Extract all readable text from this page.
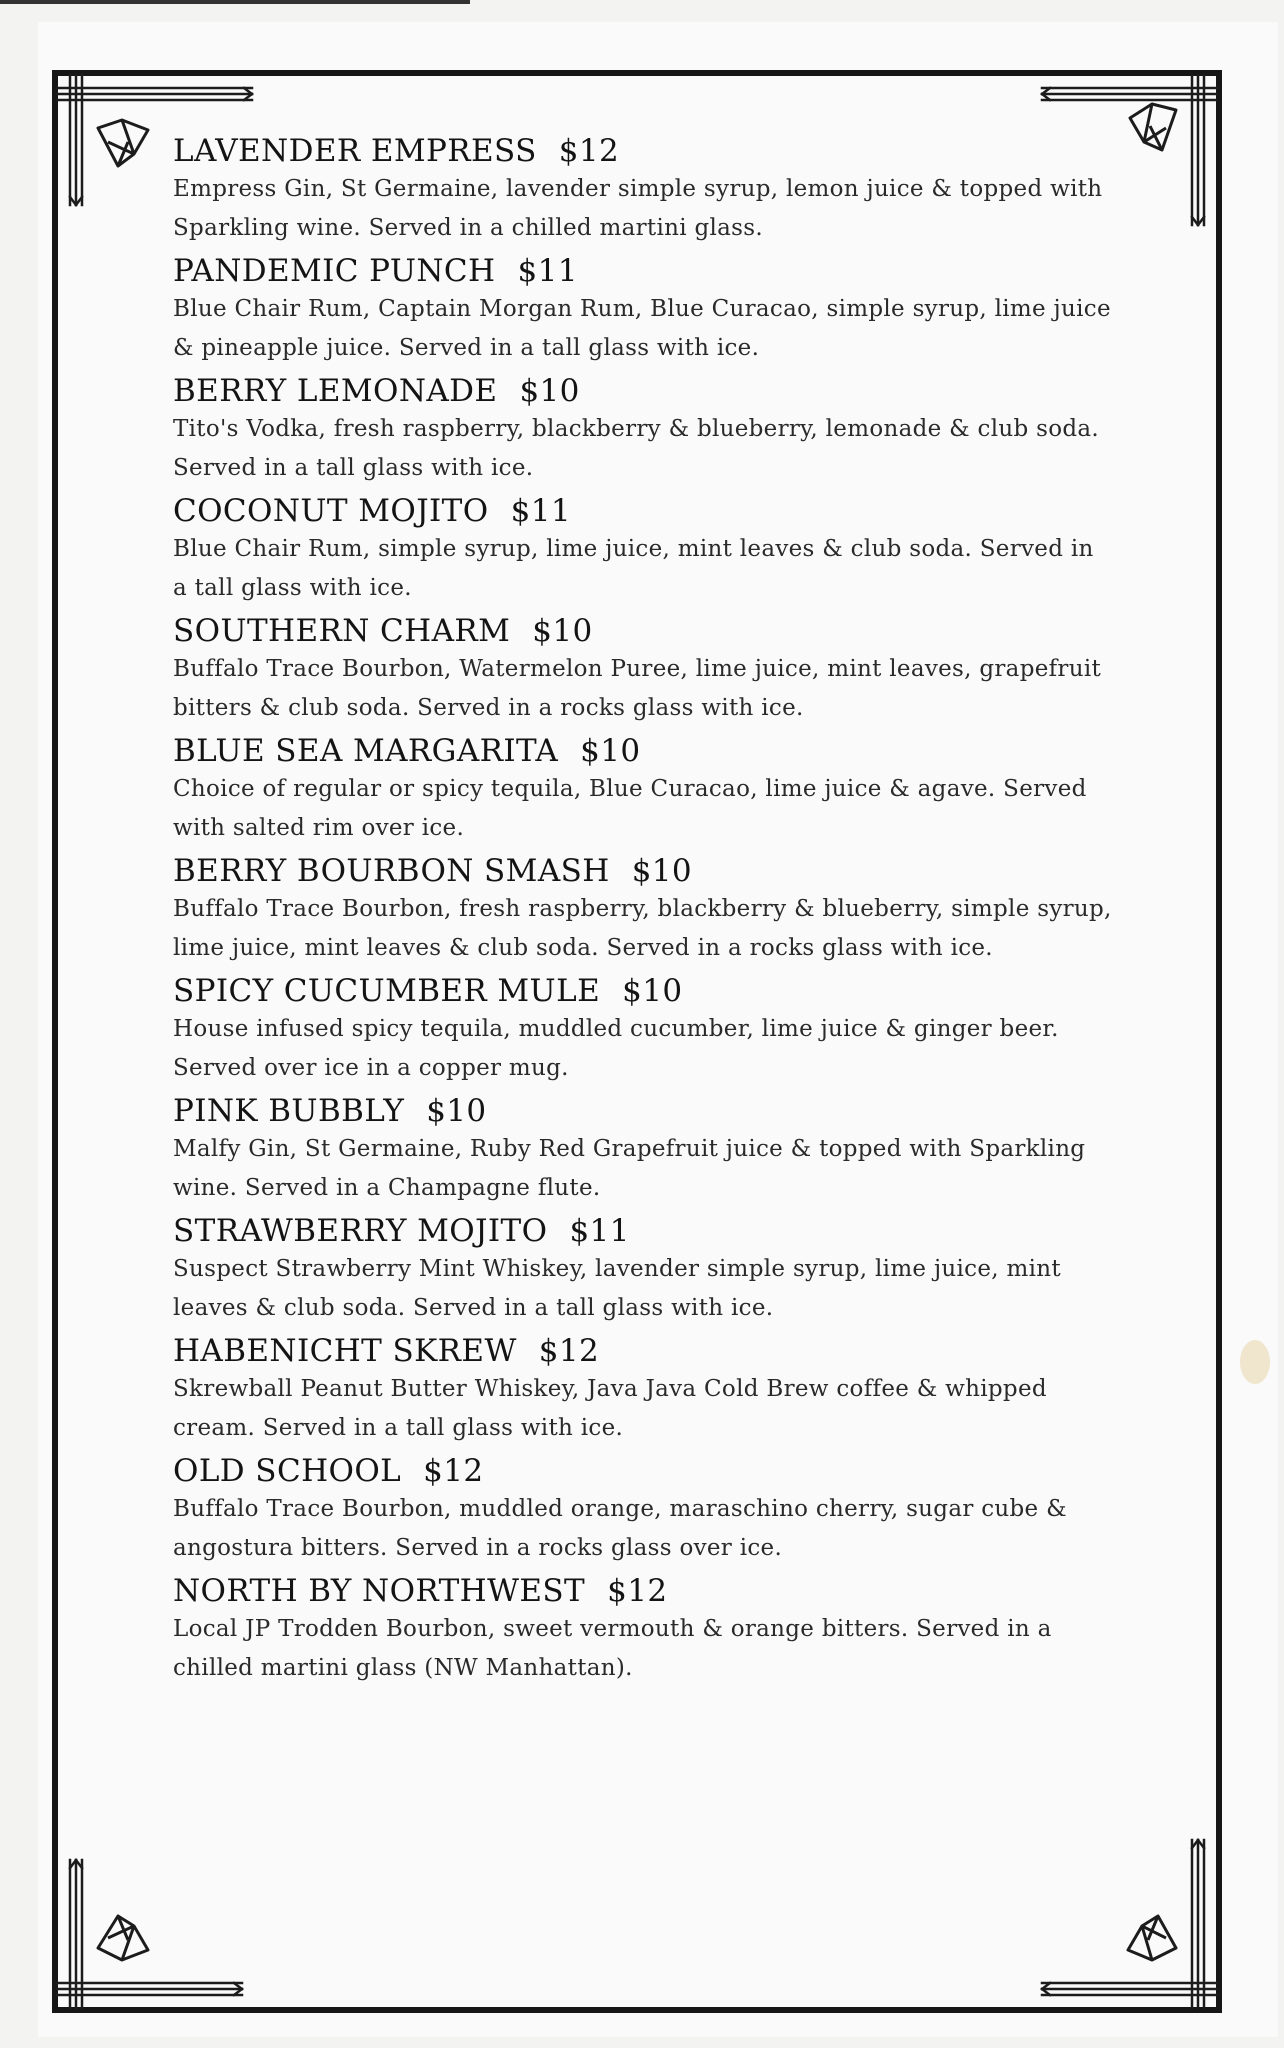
LAVENDER EMPRESS $12
Empress Gin, St Germaine, lavender simple syrup, lemon juice & topped with Sparkling wine. Served in a chilled martini glass.
PANDEMIC PUNCH $11
Blue Chair Rum, Captain Morgan Rum, Blue Curacao, simple syrup, lime juice & pineapple juice. Served in a tall glass with ice.
BERRY LEMONADE $10
Tito's Vodka, fresh raspberry, blackberry & blueberry, lemonade & club soda. Served in a tall glass with ice.
COCONUT MOJITO $11
Blue Chair Rum, simple syrup, lime juice, mint leaves & club soda. Served in a tall glass with ice.
SOUTHERN CHARM $10
Buffalo Trace Bourbon, Watermelon Puree, lime juice, mint leaves, grapefruit bitters & club soda. Served in a rocks glass with ice.
BLUE SEA MARGARITA $10
Choice of regular or spicy tequila, Blue Curacao, lime juice & agave. Served with salted rim over ice.
BERRY BOURBON SMASH $10
Buffalo Trace Bourbon, fresh raspberry, blackberry & blueberry, simple syrup, lime juice, mint leaves & club soda. Served in a rocks glass with ice.
SPICY CUCUMBER MULE $10
House infused spicy tequila, muddled cucumber, lime juice & ginger beer. Served over ice in a copper mug.
PINK BUBBLY $10
Malfy Gin, St Germaine, Ruby Red Grapefruit juice & topped with Sparkling wine. Served in a Champagne flute.
STRAWBERRY MOJITO $11
Suspect Strawberry Mint Whiskey, lavender simple syrup, lime juice, mint leaves & club soda. Served in a tall glass with ice.
HABENICHT SKREW $12
Skrewball Peanut Butter Whiskey, Java Java Cold Brew coffee & whipped cream. Served in a tall glass with ice.
OLD SCHOOL $12
Buffalo Trace Bourbon, muddled orange, maraschino cherry, sugar cube & angostura bitters. Served in a rocks glass over ice.
NORTH BY NORTHWEST $12
Local JP Trodden Bourbon, sweet vermouth & orange bitters. Served in a chilled martini glass (NW Manhattan).
